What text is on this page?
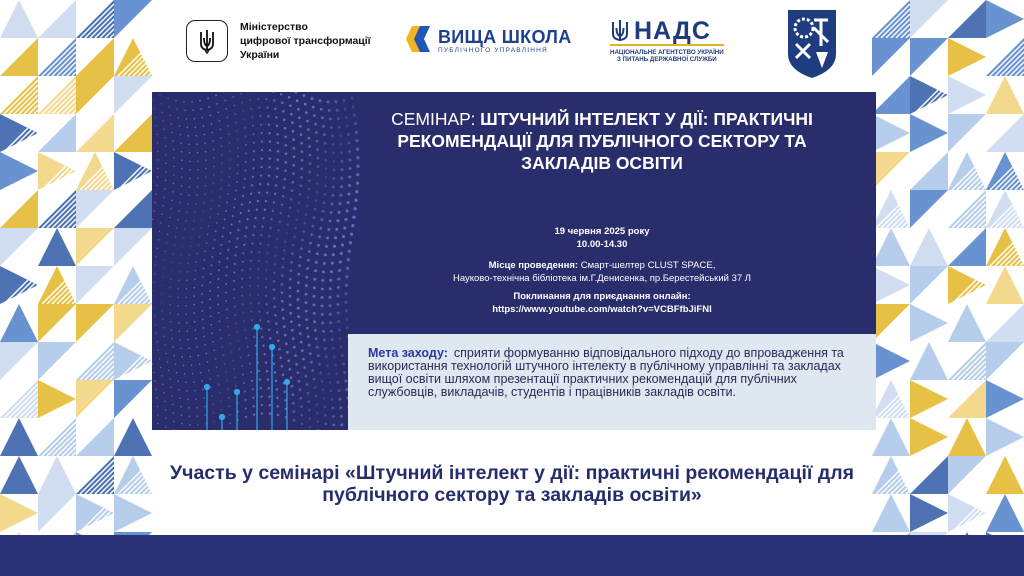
Міністерство
цифрової трансформації
України
ВИЩА ШКОЛА
ПУБЛІЧНОГО УПРАВЛІННЯ
НАДС
НАЦІОНАЛЬНЕ АГЕНТСТВО УКРАЇНИ
З ПИТАНЬ ДЕРЖАВНОЇ СЛУЖБИ
СЕМІНАР: ШТУЧНИЙ ІНТЕЛЕКТ У ДІЇ: ПРАКТИЧНІ РЕКОМЕНДАЦІЇ ДЛЯ ПУБЛІЧНОГО СЕКТОРУ ТА ЗАКЛАДІВ ОСВІТИ
19 червня 2025 року
10.00-14.30
Місце проведення: Смарт-шелтер CLUST SPACE,
Науково-технічна бібліотека ім.Г.Денисенка, пр.Берестейський 37 Л
Поклинання для приєднання онлайн:
https://www.youtube.com/watch?v=VCBFfbJiFNI
Мета заходу: сприяти формуванню відповідального підходу до впровадження та використання технологій штучного інтелекту в публічному управлінні та закладах вищої освіти шляхом презентації практичних рекомендацій для публічних службовців, викладачів, студентів і працівників закладів освіти.
Участь у семінарі «Штучний інтелект у дії: практичні рекомендації для
публічного сектору та закладів освіти»
